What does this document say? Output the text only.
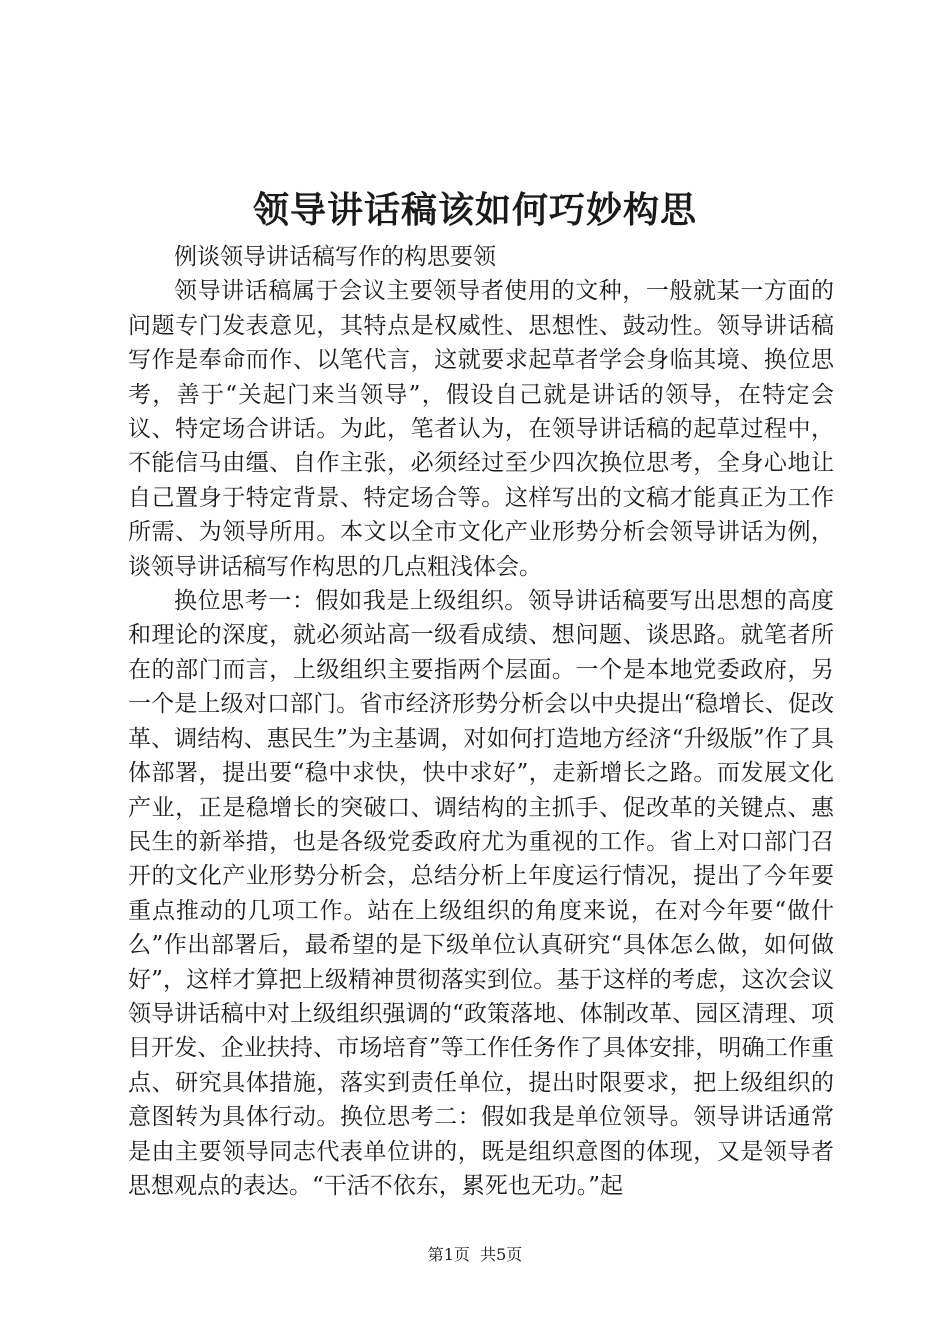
领导讲话稿该如何巧妙构思

例谈领导讲话稿写作的构思要领

领导讲话稿属于会议主要领导者使用的文种，一般就某一方面的问题专门发表意见，其特点是权威性、思想性、鼓动性。领导讲话稿写作是奉命而作、以笔代言，这就要求起草者学会身临其境、换位思考，善于“关起门来当领导”，假设自己就是讲话的领导，在特定会议、特定场合讲话。为此，笔者认为，在领导讲话稿的起草过程中，不能信马由缰、自作主张，必须经过至少四次换位思考，全身心地让自己置身于特定背景、特定场合等。这样写出的文稿才能真正为工作所需、为领导所用。本文以全市文化产业形势分析会领导讲话为例，谈领导讲话稿写作构思的几点粗浅体会。

换位思考一：假如我是上级组织。领导讲话稿要写出思想的高度和理论的深度，就必须站高一级看成绩、想问题、谈思路。就笔者所在的部门而言，上级组织主要指两个层面。一个是本地党委政府，另一个是上级对口部门。省市经济形势分析会以中央提出“稳增长、促改革、调结构、惠民生”为主基调，对如何打造地方经济“升级版”作了具体部署，提出要“稳中求快，快中求好”，走新增长之路。而发展文化产业，正是稳增长的突破口、调结构的主抓手、促改革的关键点、惠民生的新举措，也是各级党委政府尤为重视的工作。省上对口部门召开的文化产业形势分析会，总结分析上年度运行情况，提出了今年要重点推动的几项工作。站在上级组织的角度来说，在对今年要“做什么”作出部署后，最希望的是下级单位认真研究“具体怎么做，如何做好”，这样才算把上级精神贯彻落实到位。基于这样的考虑，这次会议领导讲话稿中对上级组织强调的“政策落地、体制改革、园区清理、项目开发、企业扶持、市场培育”等工作任务作了具体安排，明确工作重点、研究具体措施，落实到责任单位，提出时限要求，把上级组织的意图转为具体行动。换位思考二：假如我是单位领导。领导讲话通常是由主要领导同志代表单位讲的，既是组织意图的体现，又是领导者思想观点的表达。“干活不依东，累死也无功。”起

第1页 共5页
